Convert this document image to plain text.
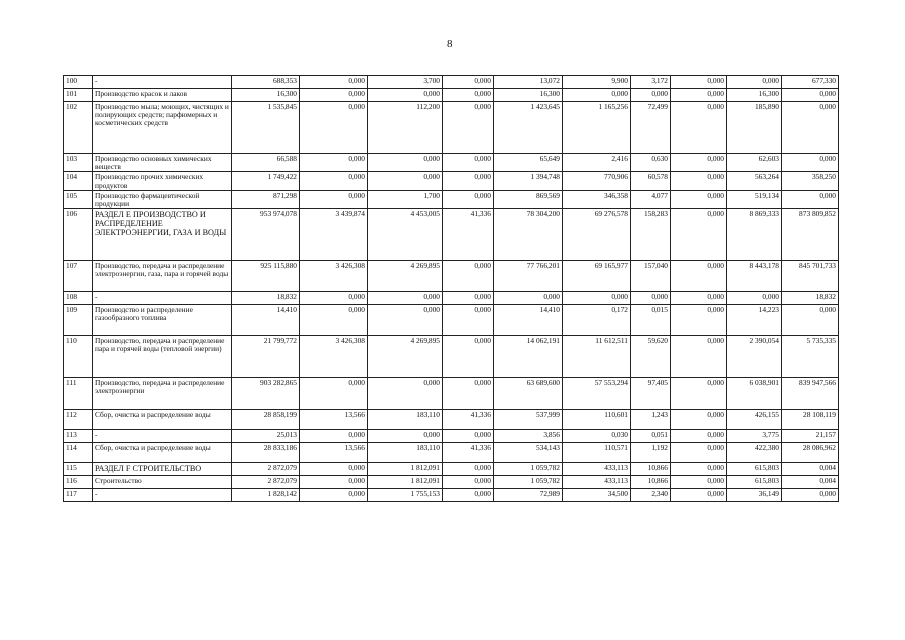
8
100	-	688,353	0,000	3,700	0,000	13,072	9,900	3,172	0,000	0,000	677,330
101	Производство красок и лаков	16,300	0,000	0,000	0,000	16,300	0,000	0,000	0,000	16,300	0,000
102	Производство мыла; моющих, чистящих и полирующих средств; парфюмерных и косметических средств	1 535,845	0,000	112,200	0,000	1 423,645	1 165,256	72,499	0,000	185,890	0,000
103	Производство основных химических веществ	66,588	0,000	0,000	0,000	65,649	2,416	0,630	0,000	62,603	0,000
104	Производство прочих химических продуктов	1 749,422	0,000	0,000	0,000	1 394,748	770,906	60,578	0,000	563,264	358,250
105	Производство фармацевтической продукции	871,298	0,000	1,700	0,000	869,569	346,358	4,077	0,000	519,134	0,000
106	РАЗДЕЛ Е ПРОИЗВОДСТВО И РАСПРЕДЕЛЕНИЕ ЭЛЕКТРОЭНЕРГИИ, ГАЗА И ВОДЫ	953 974,078	3 439,874	4 453,005	41,336	78 304,200	69 276,578	158,283	0,000	8 869,333	873 809,852
107	Производство, передача и распределение электроэнергии, газа, пара и горячей воды	925 115,880	3 426,308	4 269,895	0,000	77 766,201	69 165,977	157,040	0,000	8 443,178	845 701,733
108	-	18,832	0,000	0,000	0,000	0,000	0,000	0,000	0,000	0,000	18,832
109	Производство и распределение газообразного топлива	14,410	0,000	0,000	0,000	14,410	0,172	0,015	0,000	14,223	0,000
110	Производство, передача и распределение пара и горячей воды (тепловой энергии)	21 799,772	3 426,308	4 269,895	0,000	14 062,191	11 612,511	59,620	0,000	2 390,054	5 735,335
111	Производство, передача и распределение электроэнергии	903 282,865	0,000	0,000	0,000	63 689,600	57 553,294	97,405	0,000	6 038,901	839 947,566
112	Сбор, очистка и распределение воды	28 858,199	13,566	183,110	41,336	537,999	110,601	1,243	0,000	426,155	28 108,119
113	-	25,013	0,000	0,000	0,000	3,856	0,030	0,051	0,000	3,775	21,157
114	Сбор, очистка и распределение воды	28 833,186	13,566	183,110	41,336	534,143	110,571	1,192	0,000	422,380	28 086,962
115	РАЗДЕЛ F СТРОИТЕЛЬСТВО	2 872,079	0,000	1 812,091	0,000	1 059,782	433,113	10,866	0,000	615,803	0,004
116	Строительство	2 872,079	0,000	1 812,091	0,000	1 059,782	433,113	10,866	0,000	615,803	0,004
117	-	1 828,142	0,000	1 755,153	0,000	72,989	34,500	2,340	0,000	36,149	0,000
